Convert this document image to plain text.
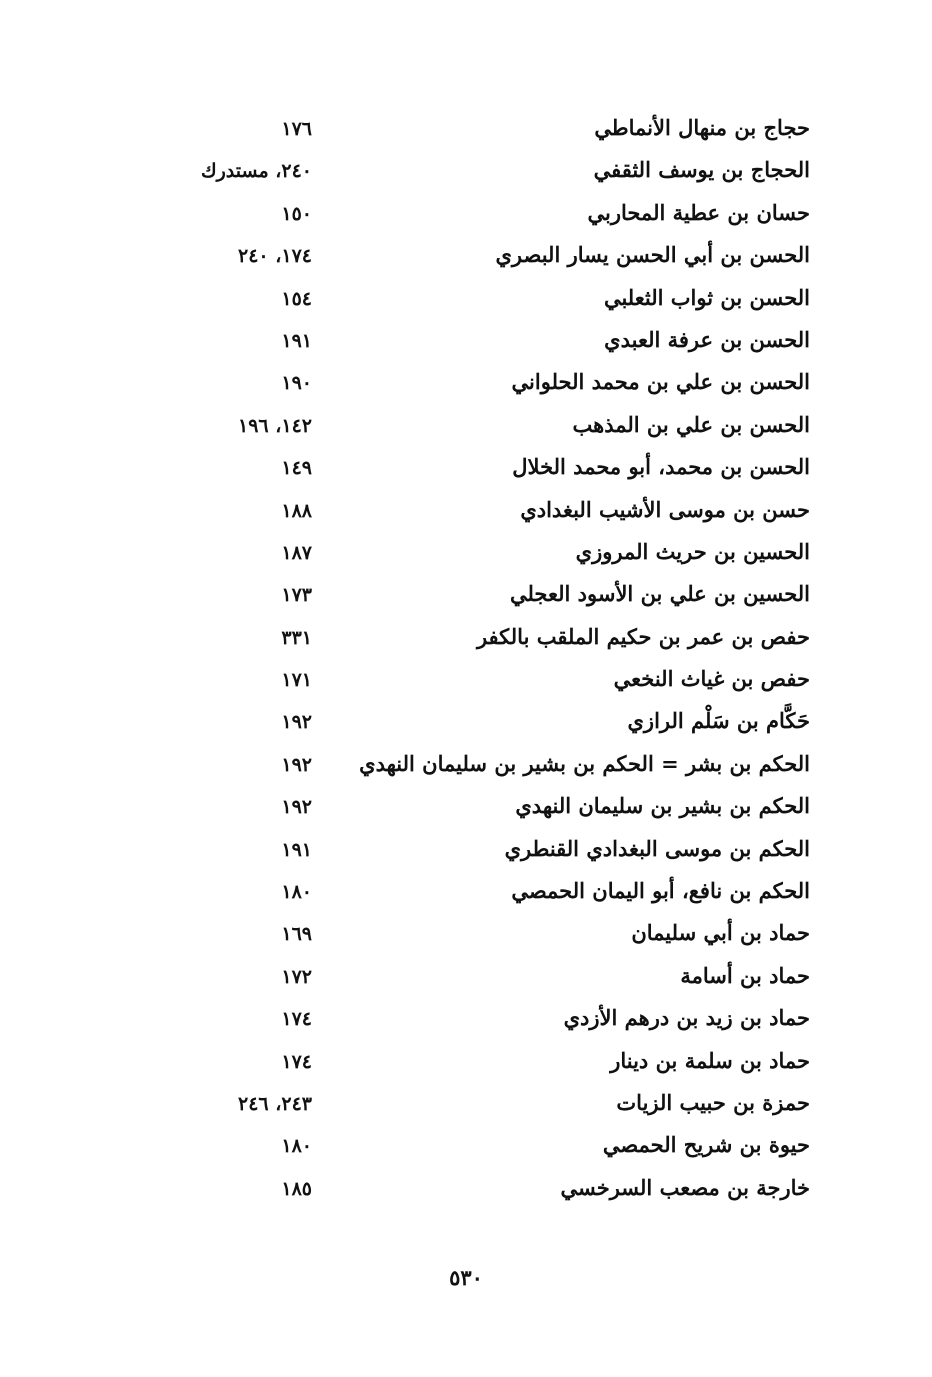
حجاج بن منهال الأنماطي
١٧٦
الحجاج بن يوسف الثقفي
٢٤٠، مستدرك
حسان بن عطية المحاربي
١٥٠
الحسن بن أبي الحسن يسار البصري
١٧٤، ٢٤٠
الحسن بن ثواب الثعلبي
١٥٤
الحسن بن عرفة العبدي
١٩١
الحسن بن علي بن محمد الحلواني
١٩٠
الحسن بن علي بن المذهب
١٤٢، ١٩٦
الحسن بن محمد، أبو محمد الخلال
١٤٩
حسن بن موسى الأشيب البغدادي
١٨٨
الحسين بن حريث المروزي
١٨٧
الحسين بن علي بن الأسود العجلي
١٧٣
حفص بن عمر بن حكيم الملقب بالكفر
٣٣١
حفص بن غياث النخعي
١٧١
حَكَّام بن سَلْم الرازي
١٩٢
الحكم بن بشر = الحكم بن بشير بن سليمان النهدي
١٩٢
الحكم بن بشير بن سليمان النهدي
١٩٢
الحكم بن موسى البغدادي القنطري
١٩١
الحكم بن نافع، أبو اليمان الحمصي
١٨٠
حماد بن أبي سليمان
١٦٩
حماد بن أسامة
١٧٢
حماد بن زيد بن درهم الأزدي
١٧٤
حماد بن سلمة بن دينار
١٧٤
حمزة بن حبيب الزيات
٢٤٣، ٢٤٦
حيوة بن شريح الحمصي
١٨٠
خارجة بن مصعب السرخسي
١٨٥
٥٣٠
